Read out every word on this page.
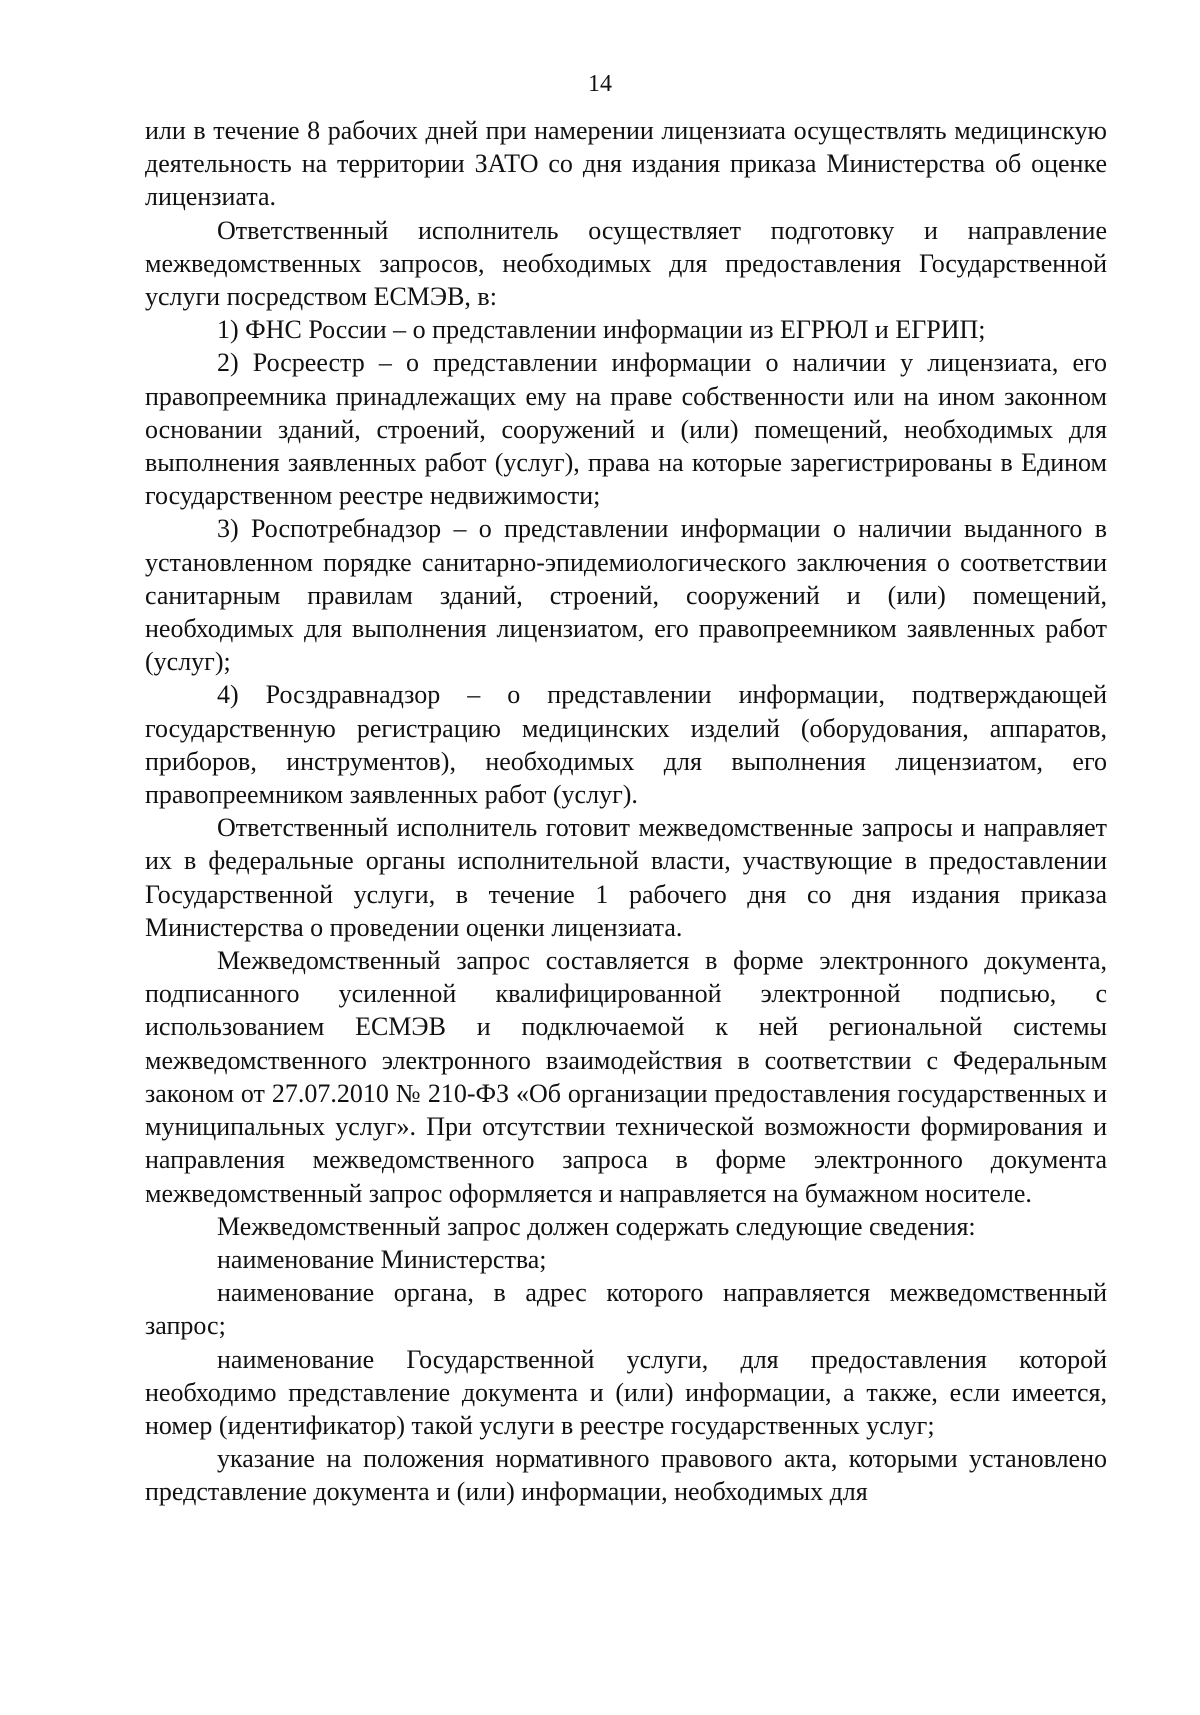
14

или в течение 8 рабочих дней при намерении лицензиата осуществлять медицинскую деятельность на территории ЗАТО со дня издания приказа Министерства об оценке лицензиата.

Ответственный исполнитель осуществляет подготовку и направление межведомственных запросов, необходимых для предоставления Государственной услуги посредством ЕСМЭВ, в:

1) ФНС России – о представлении информации из ЕГРЮЛ и ЕГРИП;

2) Росреестр – о представлении информации о наличии у лицензиата, его правопреемника принадлежащих ему на праве собственности или на ином законном основании зданий, строений, сооружений и (или) помещений, необходимых для выполнения заявленных работ (услуг), права на которые зарегистрированы в Едином государственном реестре недвижимости;

3) Роспотребнадзор – о представлении информации о наличии выданного в установленном порядке санитарно-эпидемиологического заключения о соответствии санитарным правилам зданий, строений, сооружений и (или) помещений, необходимых для выполнения лицензиатом, его правопреемником заявленных работ (услуг);

4) Росздравнадзор – о представлении информации, подтверждающей государственную регистрацию медицинских изделий (оборудования, аппаратов, приборов, инструментов), необходимых для выполнения лицензиатом, его правопреемником заявленных работ (услуг).

Ответственный исполнитель готовит межведомственные запросы и направляет их в федеральные органы исполнительной власти, участвующие в предоставлении Государственной услуги, в течение 1 рабочего дня со дня издания приказа Министерства о проведении оценки лицензиата.

Межведомственный запрос составляется в форме электронного документа, подписанного усиленной квалифицированной электронной подписью, с использованием ЕСМЭВ и подключаемой к ней региональной системы межведомственного электронного взаимодействия в соответствии с Федеральным законом от 27.07.2010 № 210-ФЗ «Об организации предоставления государственных и муниципальных услуг». При отсутствии технической возможности формирования и направления межведомственного запроса в форме электронного документа межведомственный запрос оформляется и направляется на бумажном носителе.

Межведомственный запрос должен содержать следующие сведения:

наименование Министерства;

наименование органа, в адрес которого направляется межведомственный запрос;

наименование Государственной услуги, для предоставления которой необходимо представление документа и (или) информации, а также, если имеется, номер (идентификатор) такой услуги в реестре государственных услуг;

указание на положения нормативного правового акта, которыми установлено представление документа и (или) информации, необходимых для
